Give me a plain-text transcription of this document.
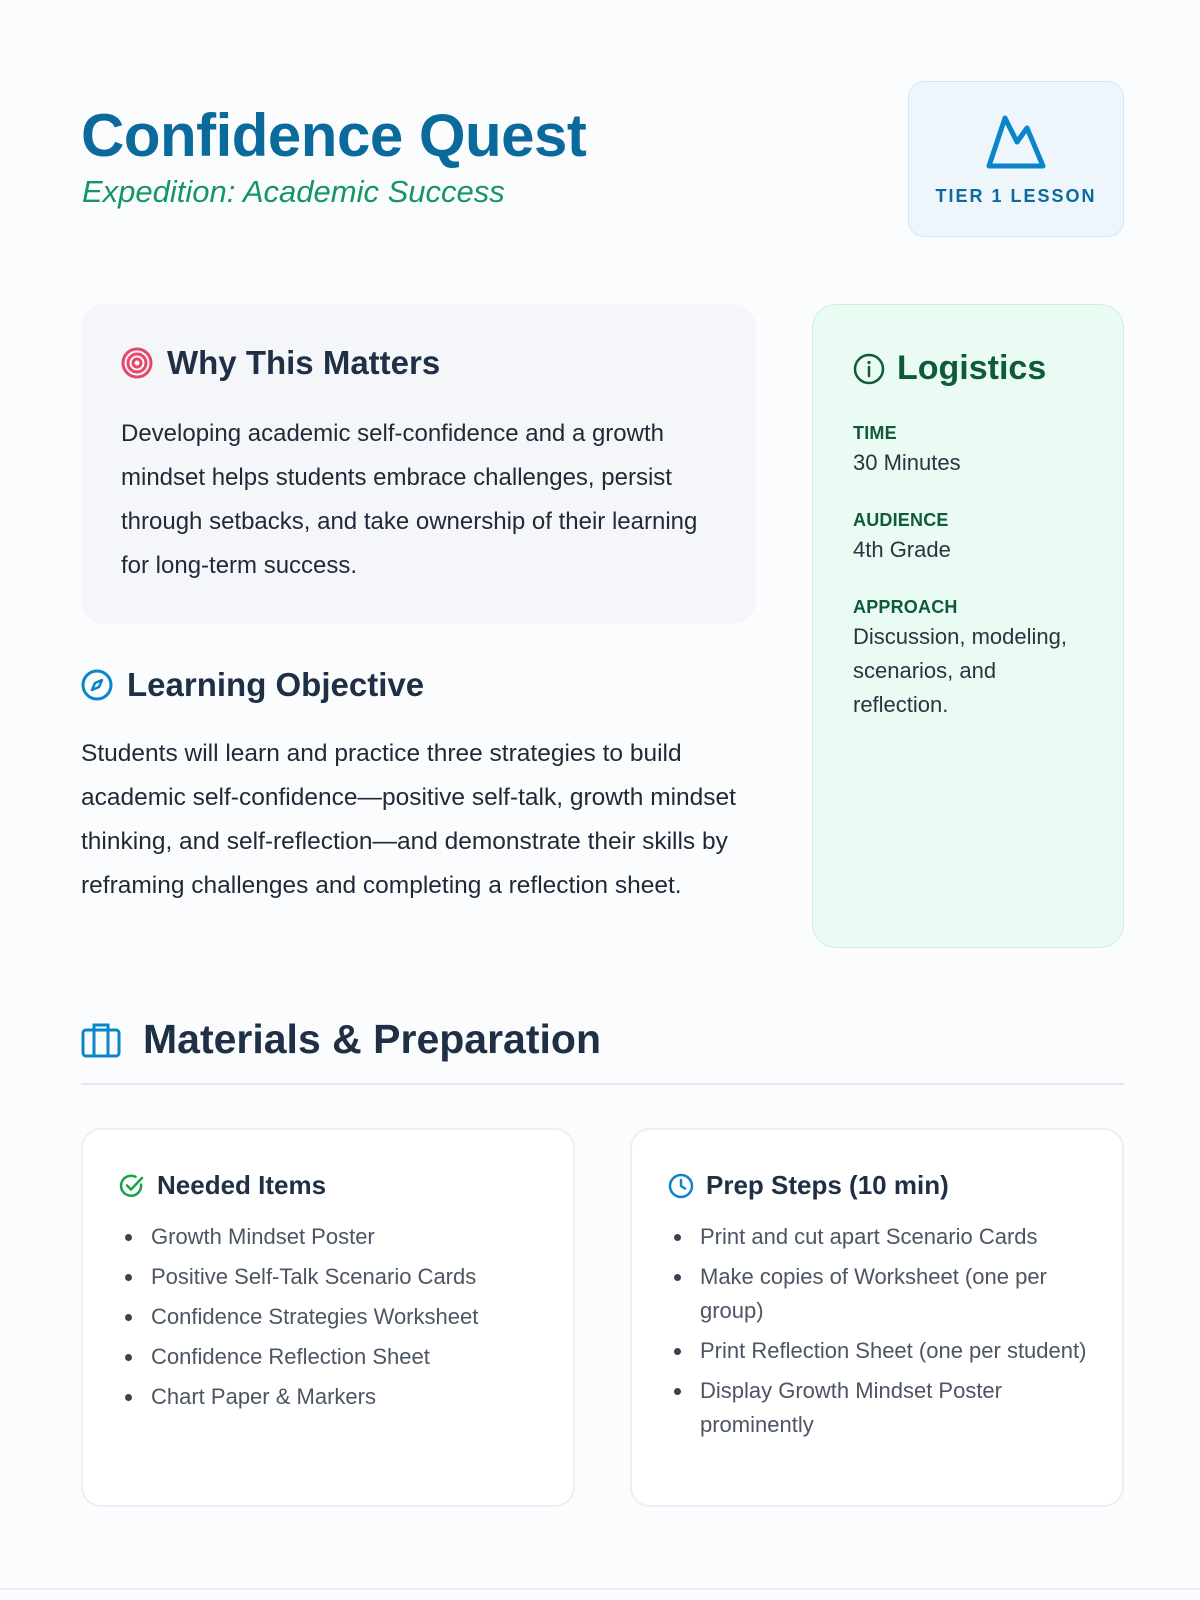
Confidence Quest
Expedition: Academic Success	TIER 1 LESSON
Why This Matters

Developing academic self-confidence and a growth mindset helps students embrace challenges, persist through setbacks, and take ownership of their learning for long-term success.

Learning Objective

Students will learn and practice three strategies to build academic self-confidence—positive self-talk, growth mindset thinking, and self-reflection—and demonstrate their skills by reframing challenges and completing a reflection sheet.

Logistics
TIME
30 Minutes
AUDIENCE
4th Grade
APPROACH
Discussion, modeling, scenarios, and reflection.
Materials & Preparation
Needed Items
Growth Mindset Poster
Positive Self-Talk Scenario Cards
Confidence Strategies Worksheet
Confidence Reflection Sheet
Chart Paper & Markers
Prep Steps (10 min)
Print and cut apart Scenario Cards
Make copies of Worksheet (one per group)
Print Reflection Sheet (one per student)
Display Growth Mindset Poster prominently
